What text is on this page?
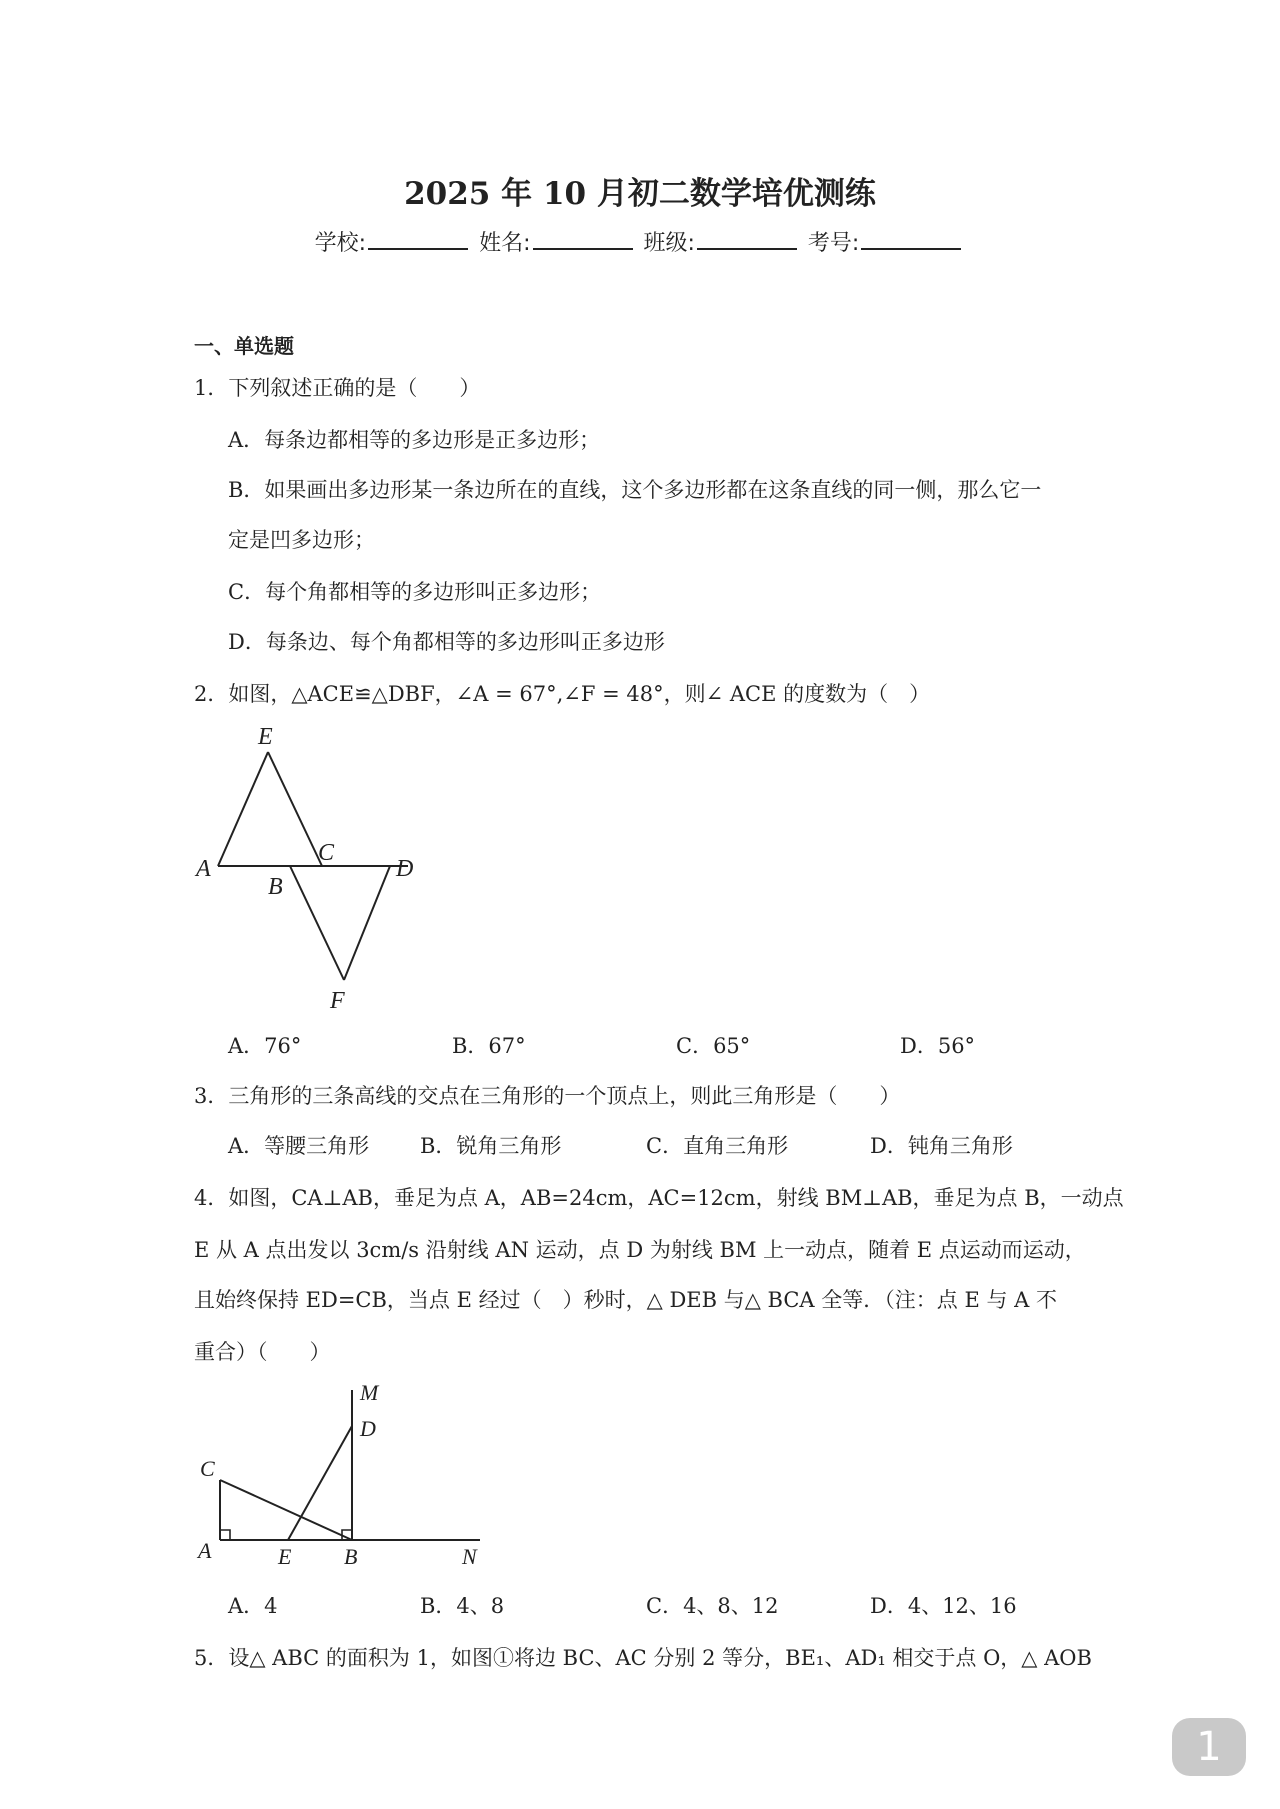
2025 年 10 月初二数学培优测练
学校:	姓名:	班级:	考号:
一、单选题
1．下列叙述正确的是（　　）
A．每条边都相等的多边形是正多边形；
B．如果画出多边形某一条边所在的直线，这个多边形都在这条直线的同一侧，那么它一
定是凹多边形；
C．每个角都相等的多边形叫正多边形；
D．每条边、每个角都相等的多边形叫正多边形
2．如图，△ACE≌△DBF，∠A = 67°,∠F = 48°，则∠ ACE 的度数为（　）
E
A
C
B
D
F
A．76°	B．67°	C．65°	D．56°
3．三角形的三条高线的交点在三角形的一个顶点上，则此三角形是（　　）
A．等腰三角形 B．锐角三角形	C．直角三角形	D．钝角三角形
4．如图，CA⊥AB，垂足为点 A，AB=24cm，AC=12cm，射线 BM⊥AB，垂足为点 B，一动点
E 从 A 点出发以 3cm/s 沿射线 AN 运动，点 D 为射线 BM 上一动点，随着 E 点运动而运动，
且始终保持 ED=CB，当点 E 经过（　）秒时，△ DEB 与△ BCA 全等．（注：点 E 与 A 不
重合）（　　）
M
D
C
A	E B	N
A．4	B．4、8	C．4、8、12	D．4、12、16
5．设△ ABC 的面积为 1，如图①将边 BC、AC 分别 2 等分，BE₁、AD₁ 相交于点 O，△ AOB
1
